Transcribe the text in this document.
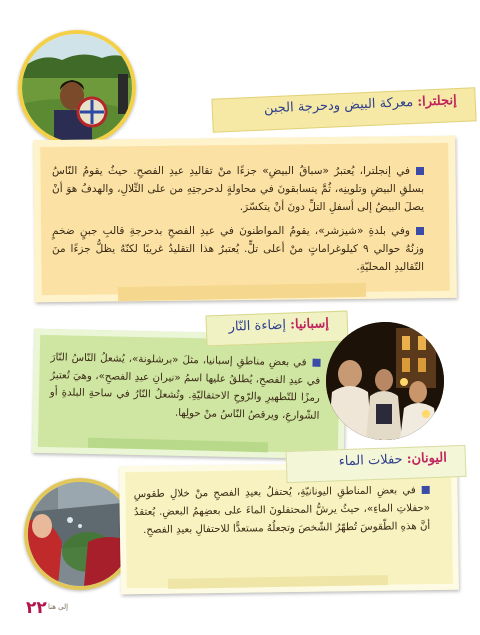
إنجلترا: معركة البيض ودحرجة الجبن
في إنجلترا، يُعتبرُ «سباقُ البيضِ» جزءًا منْ تقاليدِ عيدِ الفصحِ. حيثُ يقومُ النّاسُ بسلقِ البيضِ وتلوينِه، ثُمَّ يتسابقونَ في محاولةٍ لدحرجتِهِ من على التِّلالِ، والهدفُ هوَ أنْ يصلَ البيضُ إلى أسفلِ التلِّ دونَ أنْ يتكسّرَ.
وفي بلدةِ «شيزشر»، يقومُ المواطنونَ في عيدِ الفصحِ بدحرجةِ قالبِ جبنٍ ضخمٍ وزنُهُ حوالي ٩ كيلوغراماتٍ منْ أعلى تلٍّ. يُعتبرُ هذا التقليدُ غريبًا لكنّهُ يظلُّ جزءًا منَ التّقاليدِ المحليّةِ.
إسبانيا: إضاءة النّار
في بعضِ مناطقِ إسبانيا، مثلَ «برشلونة»، يُشعلُ النّاسُ النّارَ في عيدِ الفصحِ، يُطلقُ عليها اسمُ «نيرانِ عيدِ الفصحِ»، وهيَ تُعتبرُ رمزًا للتّطهيرِ والرّوحِ الاحتفاليّةِ. وتُشعلُ النّارُ في ساحةِ البلدةِ أو الشّوارعِ، ويرقصُ النّاسُ منْ حولِها.
اليونان: حفلات الماء
في بعضِ المناطقِ اليونانيّةِ، يُحتفلُ بعيدِ الفصحِ منْ خلالِ طقوسِ «حفلاتِ الماءِ»، حيثُ يرشُّ المحتفلونَ الماءَ على بعضِهمُ البعضِ. يُعتقدُ أنَّ هذهِ الطّقوسَ تُطهّرُ الشّخصَ وتجعلُهُ مستعدًّا للاحتفالِ بعيدِ الفصحِ.
٢٢ إلى هنا
